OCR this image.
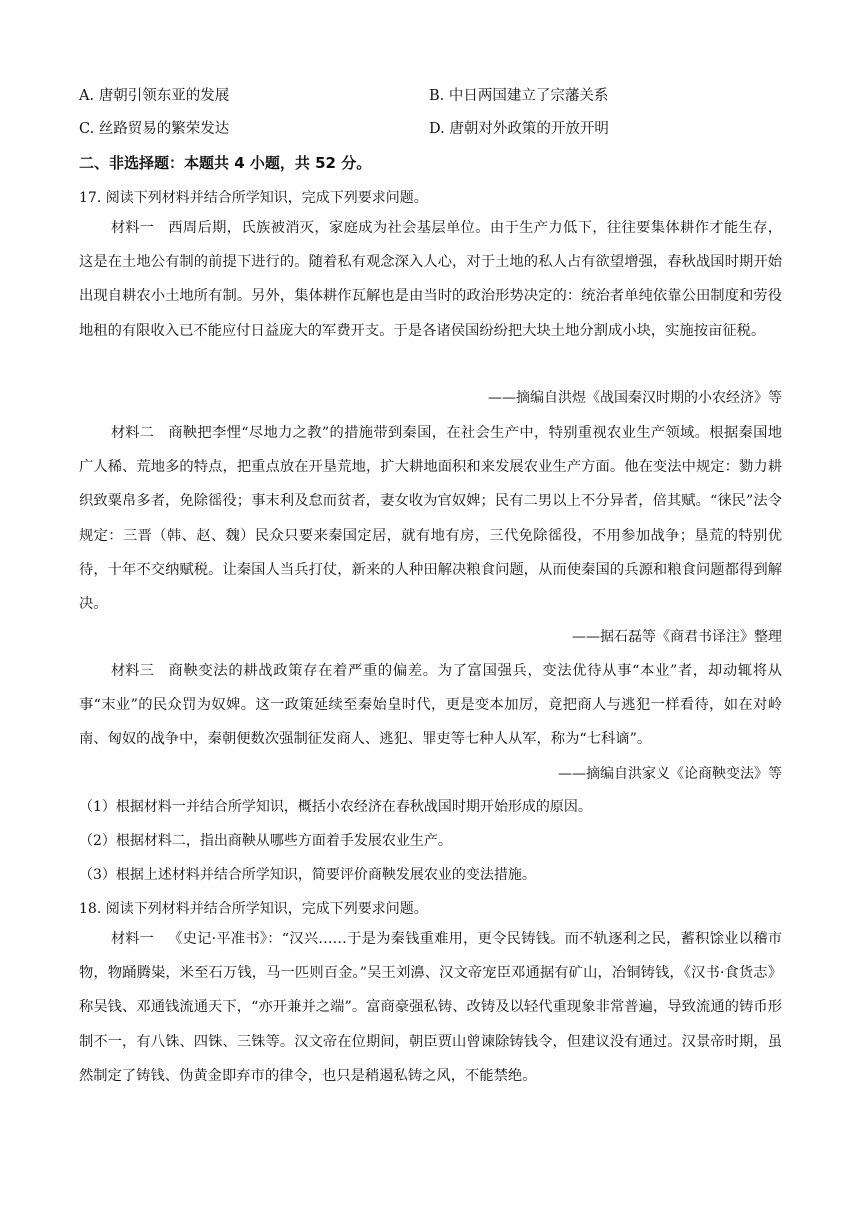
A. 唐朝引领东亚的发展	B. 中日两国建立了宗藩关系
C. 丝路贸易的繁荣发达	D. 唐朝对外政策的开放开明
二、非选择题：本题共 4 小题，共 52 分。
17. 阅读下列材料并结合所学知识，完成下列要求问题。
材料一 西周后期，氏族被消灭，家庭成为社会基层单位。由于生产力低下，往往要集体耕作才能生存，这是在土地公有制的前提下进行的。随着私有观念深入人心，对于土地的私人占有欲望增强，春秋战国时期开始出现自耕农小土地所有制。另外，集体耕作瓦解也是由当时的政治形势决定的：统治者单纯依靠公田制度和劳役地租的有限收入已不能应付日益庞大的军费开支。于是各诸侯国纷纷把大块土地分割成小块，实施按亩征税。
——摘编自洪煜《战国秦汉时期的小农经济》等
材料二 商鞅把李悝“尽地力之教”的措施带到秦国，在社会生产中，特别重视农业生产领域。根据秦国地广人稀、荒地多的特点，把重点放在开垦荒地，扩大耕地面积和来发展农业生产方面。他在变法中规定：勠力耕织致粟帛多者，免除徭役；事末利及怠而贫者，妻女收为官奴婢；民有二男以上不分异者，倍其赋。“徕民”法令规定：三晋（韩、赵、魏）民众只要来秦国定居，就有地有房，三代免除徭役，不用参加战争；垦荒的特别优待，十年不交纳赋税。让秦国人当兵打仗，新来的人种田解决粮食问题，从而使秦国的兵源和粮食问题都得到解决。
——据石磊等《商君书译注》整理
材料三 商鞅变法的耕战政策存在着严重的偏差。为了富国强兵，变法优待从事“本业”者，却动辄将从事“末业”的民众罚为奴婢。这一政策延续至秦始皇时代，更是变本加厉，竟把商人与逃犯一样看待，如在对岭南、匈奴的战争中，秦朝便数次强制征发商人、逃犯、罪吏等七种人从军，称为“七科谪”。
——摘编自洪家义《论商鞅变法》等
（1）根据材料一并结合所学知识，概括小农经济在春秋战国时期开始形成的原因。
（2）根据材料二，指出商鞅从哪些方面着手发展农业生产。
（3）根据上述材料并结合所学知识，简要评价商鞅发展农业的变法措施。
18. 阅读下列材料并结合所学知识，完成下列要求问题。
材料一 《史记·平准书》：“汉兴……于是为秦钱重难用，更令民铸钱。而不轨逐利之民，蓄积馀业以稽市物，物踊腾粜，米至石万钱，马一匹则百金。”吴王刘濞、汉文帝宠臣邓通据有矿山，冶铜铸钱，《汉书·食货志》称吴钱、邓通钱流通天下，“亦开兼并之端”。富商豪强私铸、改铸及以轻代重现象非常普遍，导致流通的铸币形制不一，有八铢、四铢、三铢等。汉文帝在位期间，朝臣贾山曾谏除铸钱令，但建议没有通过。汉景帝时期，虽然制定了铸钱、伪黄金即弃市的律令，也只是稍遏私铸之风，不能禁绝。
